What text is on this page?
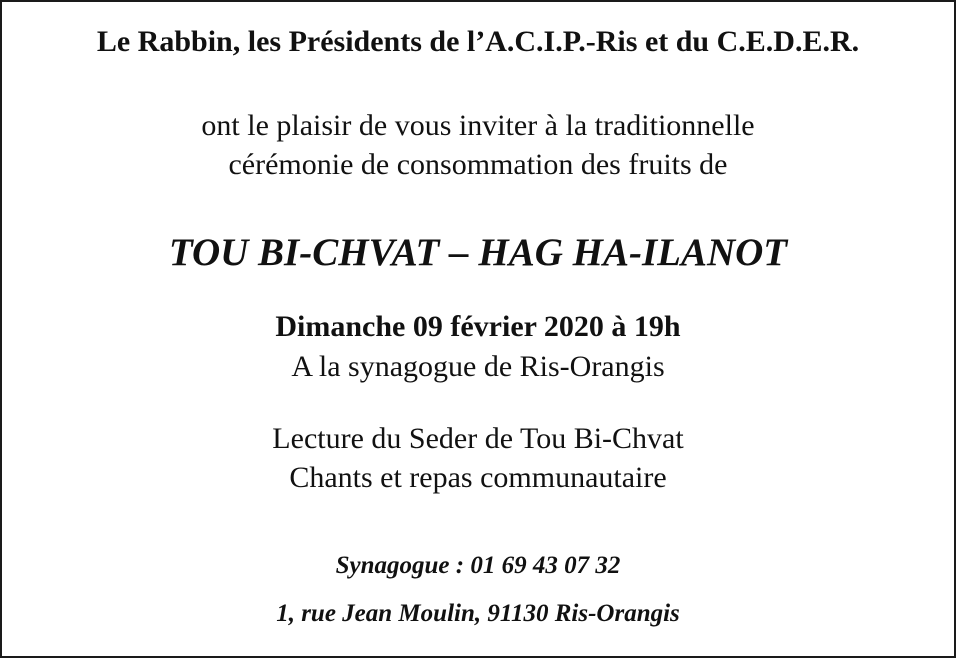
Le Rabbin, les Présidents de l’A.C.I.P.-Ris et du C.E.D.E.R.
ont le plaisir de vous inviter à la traditionnelle
cérémonie de consommation des fruits de
TOU BI-CHVAT – HAG HA-ILANOT
Dimanche 09 février 2020 à 19h
A la synagogue de Ris-Orangis
Lecture du Seder de Tou Bi-Chvat
Chants et repas communautaire
Synagogue : 01 69 43 07 32
1, rue Jean Moulin, 91130 Ris-Orangis
